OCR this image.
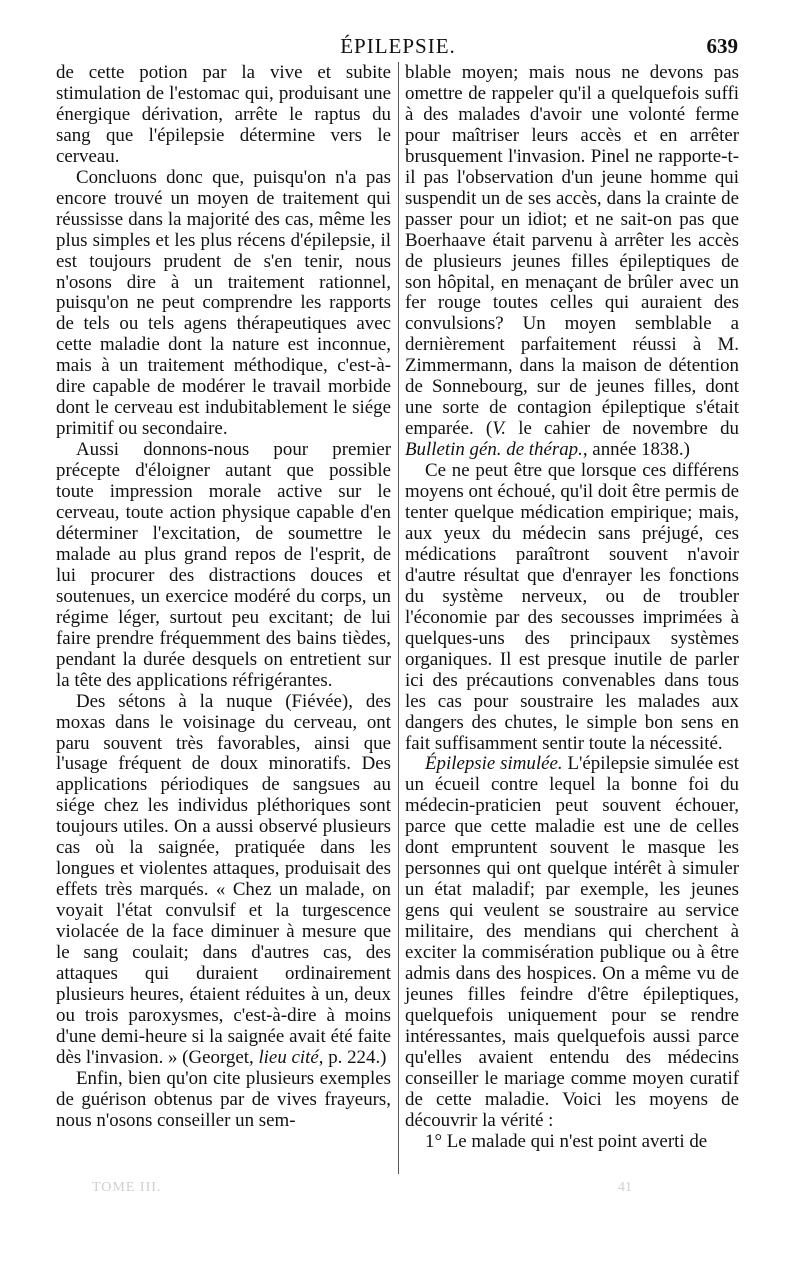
ÉPILEPSIE.	639

de cette potion par la vive et subite stimulation de l'estomac qui, produisant une énergique dérivation, arrête le raptus du sang que l'épilepsie détermine vers le cerveau.

Concluons donc que, puisqu'on n'a pas encore trouvé un moyen de traitement qui réussisse dans la majorité des cas, même les plus simples et les plus récens d'épilepsie, il est toujours prudent de s'en tenir, nous n'osons dire à un traitement rationnel, puisqu'on ne peut comprendre les rapports de tels ou tels agens thérapeutiques avec cette maladie dont la nature est inconnue, mais à un traitement méthodique, c'est-à-dire capable de modérer le travail morbide dont le cerveau est indubitablement le siége primitif ou secondaire.

Aussi donnons-nous pour premier précepte d'éloigner autant que possible toute impression morale active sur le cerveau, toute action physique capable d'en déterminer l'excitation, de soumettre le malade au plus grand repos de l'esprit, de lui procurer des distractions douces et soutenues, un exercice modéré du corps, un régime léger, surtout peu excitant; de lui faire prendre fréquemment des bains tièdes, pendant la durée desquels on entretient sur la tête des applications réfrigérantes.

Des sétons à la nuque (Fiévée), des moxas dans le voisinage du cerveau, ont paru souvent très favorables, ainsi que l'usage fréquent de doux minoratifs. Des applications périodiques de sangsues au siége chez les individus pléthoriques sont toujours utiles. On a aussi observé plusieurs cas où la saignée, pratiquée dans les longues et violentes attaques, produisait des effets très marqués. « Chez un malade, on voyait l'état convulsif et la turgescence violacée de la face diminuer à mesure que le sang coulait; dans d'autres cas, des attaques qui duraient ordinairement plusieurs heures, étaient réduites à un, deux ou trois paroxysmes, c'est-à-dire à moins d'une demi-heure si la saignée avait été faite dès l'invasion. » (Georget, lieu cité, p. 224.)

Enfin, bien qu'on cite plusieurs exemples de guérison obtenus par de vives frayeurs, nous n'osons conseiller un sem-

blable moyen; mais nous ne devons pas omettre de rappeler qu'il a quelquefois suffi à des malades d'avoir une volonté ferme pour maîtriser leurs accès et en arrêter brusquement l'invasion. Pinel ne rapporte-t-il pas l'observation d'un jeune homme qui suspendit un de ses accès, dans la crainte de passer pour un idiot; et ne sait-on pas que Boerhaave était parvenu à arrêter les accès de plusieurs jeunes filles épileptiques de son hôpital, en menaçant de brûler avec un fer rouge toutes celles qui auraient des convulsions? Un moyen semblable a dernièrement parfaitement réussi à M. Zimmermann, dans la maison de détention de Sonnebourg, sur de jeunes filles, dont une sorte de contagion épileptique s'était emparée. (V. le cahier de novembre du Bulletin gén. de thérap., année 1838.)

Ce ne peut être que lorsque ces différens moyens ont échoué, qu'il doit être permis de tenter quelque médication empirique; mais, aux yeux du médecin sans préjugé, ces médications paraîtront souvent n'avoir d'autre résultat que d'enrayer les fonctions du système nerveux, ou de troubler l'économie par des secousses imprimées à quelques-uns des principaux systèmes organiques. Il est presque inutile de parler ici des précautions convenables dans tous les cas pour soustraire les malades aux dangers des chutes, le simple bon sens en fait suffisamment sentir toute la nécessité.

Épilepsie simulée. L'épilepsie simulée est un écueil contre lequel la bonne foi du médecin-praticien peut souvent échouer, parce que cette maladie est une de celles dont empruntent souvent le masque les personnes qui ont quelque intérêt à simuler un état maladif; par exemple, les jeunes gens qui veulent se soustraire au service militaire, des mendians qui cherchent à exciter la commisération publique ou à être admis dans des hospices. On a même vu de jeunes filles feindre d'être épileptiques, quelquefois uniquement pour se rendre intéressantes, mais quelquefois aussi parce qu'elles avaient entendu des médecins conseiller le mariage comme moyen curatif de cette maladie. Voici les moyens de découvrir la vérité :

1° Le malade qui n'est point averti de

TOME III.	41
